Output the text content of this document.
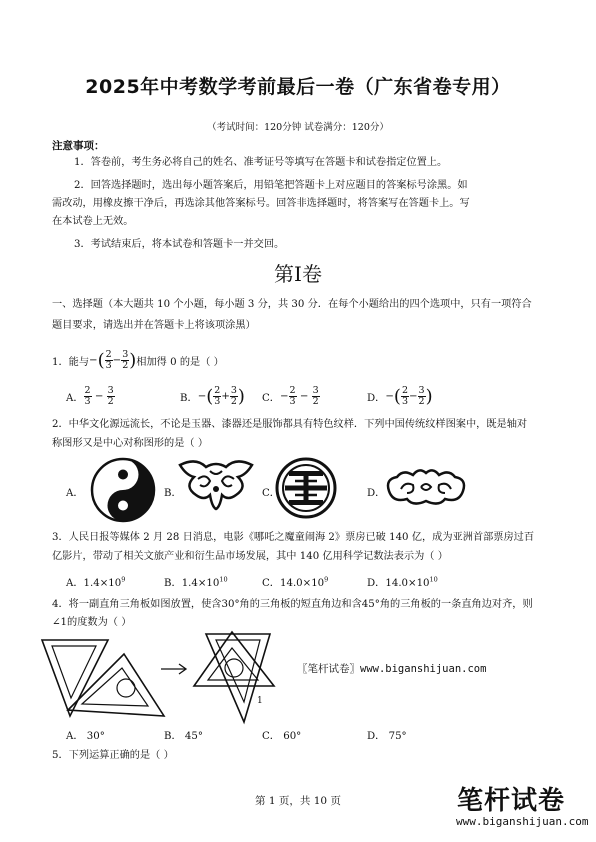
2025年中考数学考前最后一卷（广东省卷专用）
（考试时间：120分钟 试卷满分：120分）
注意事项：
1．答卷前，考生务必将自己的姓名、准考证号等填写在答题卡和试卷指定位置上。
2．回答选择题时，选出每小题答案后，用铅笔把答题卡上对应题目的答案标号涂黑。如
需改动，用橡皮擦干净后，再选涂其他答案标号。回答非选择题时，将答案写在答题卡上。写
在本试卷上无效。
3．考试结束后，将本试卷和答题卡一并交回。
第Ⅰ卷
一、选择题（本大题共 10 个小题，每小题 3 分，共 30 分．在每个小题给出的四个选项中，只有一项符合
题目要求，请选出并在答题卡上将该项涂黑）
1．能与 − ( $\frac{2}{3} - \frac{3}{2}$ ) 相加得 0 的是（ ）
A． $\frac{2}{3} - \frac{3}{2}$	B． − ( $\frac{2}{3} + \frac{3}{2}$ ) C． − $\frac{2}{3} - \frac{3}{2}$	D． − ( $\frac{2}{3} - \frac{3}{2}$ )
2．中华文化源远流长，不论是玉器、漆器还是服饰都具有特色纹样．下列中国传统纹样图案中，既是轴对
称图形又是中心对称图形的是（ ）
A．	B．	C．	D．
3．人民日报等媒体 2 月 28 日消息，电影《哪吒之魔童闹海 2》票房已破 140 亿，成为亚洲首部票房过百
亿影片，带动了相关文旅产业和衍生品市场发展，其中 140 亿用科学记数法表示为（ ）
A．$1.4\times 10^9$	B．$1.4\times 10^{10}$	C．$14.0\times 10^9$	D．$14.0\times 10^{10}$
4．将一副直角三角板如图放置，使含30°角的三角板的短直角边和含45°角的三角板的一条直角边对齐，则
∠1的度数为（ ）
1
〖笔杆试卷〗www.biganshijuan.com
A． 30°	B． 45°	C． 60°	D． 75°
5．下列运算正确的是（ ）
第 1 页，共 10 页	笔杆试卷
www.biganshijuan.com
